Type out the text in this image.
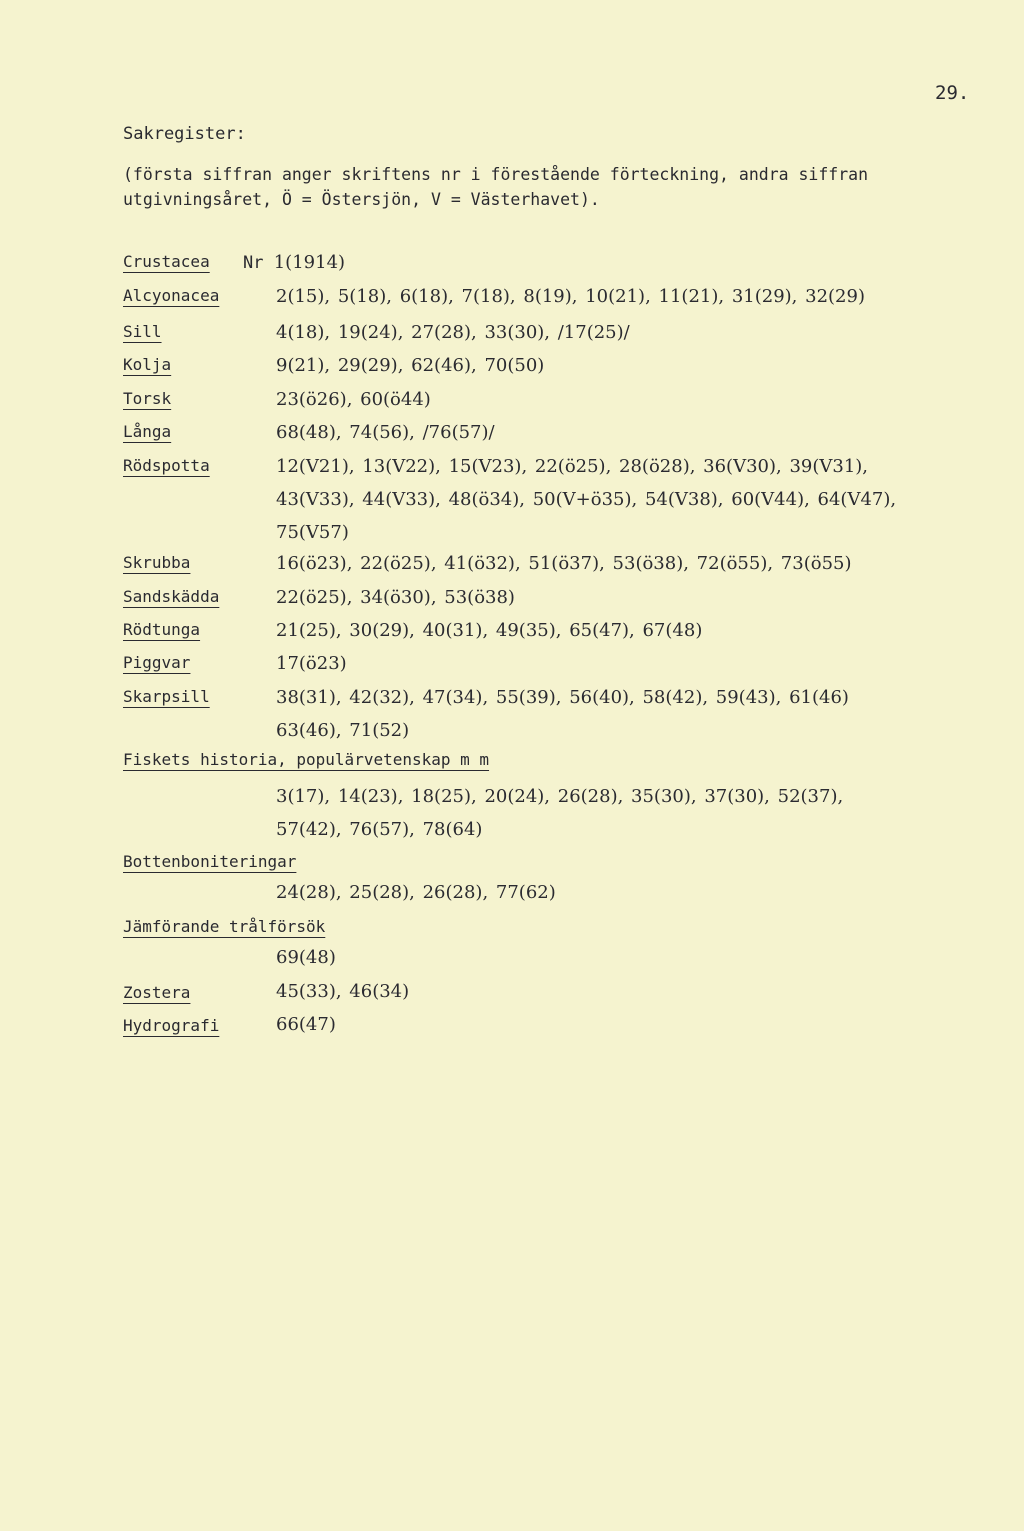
29.
Sakregister:
(första siffran anger skriftens nr i förestående förteckning, andra siffran utgivningsåret, Ö = Östersjön, V = Västerhavet).
Crustacea Nr 1(1914)
Alcyonacea	2(15), 5(18), 6(18), 7(18), 8(19), 10(21), 11(21), 31(29), 32(29)
Sill	4(18), 19(24), 27(28), 33(30), /17(25)/
Kolja	9(21), 29(29), 62(46), 70(50)
Torsk	23(ö26), 60(ö44)
Långa	68(48), 74(56), /76(57)/
Rödspotta	12(V21), 13(V22), 15(V23), 22(ö25), 28(ö28), 36(V30), 39(V31),
43(V33), 44(V33), 48(ö34), 50(V+ö35), 54(V38), 60(V44), 64(V47),
75(V57)
Skrubba	16(ö23), 22(ö25), 41(ö32), 51(ö37), 53(ö38), 72(ö55), 73(ö55)
Sandskädda	22(ö25), 34(ö30), 53(ö38)
Rödtunga	21(25), 30(29), 40(31), 49(35), 65(47), 67(48)
Piggvar	17(ö23)
Skarpsill	38(31), 42(32), 47(34), 55(39), 56(40), 58(42), 59(43), 61(46)
63(46), 71(52)
Fiskets historia, populärvetenskap m m
3(17), 14(23), 18(25), 20(24), 26(28), 35(30), 37(30), 52(37),
57(42), 76(57), 78(64)
Bottenboniteringar
24(28), 25(28), 26(28), 77(62)
Jämförande trålförsök
69(48)
Zostera	45(33), 46(34)
Hydrografi	66(47)
